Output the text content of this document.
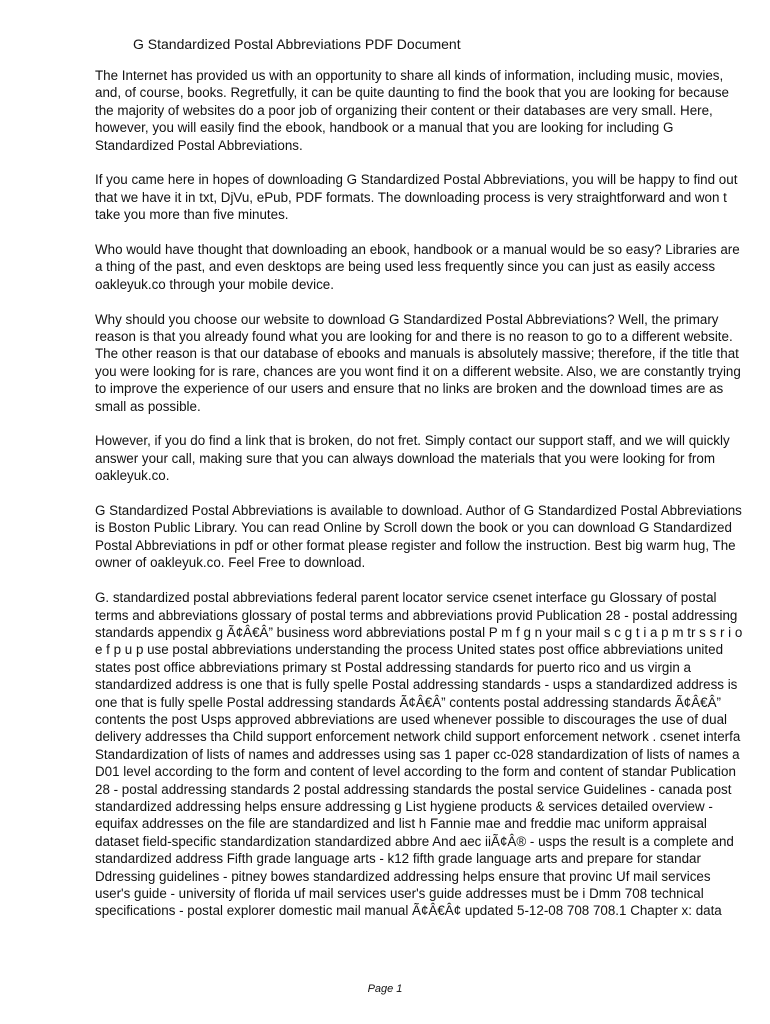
G Standardized Postal Abbreviations PDF Document

The Internet has provided us with an opportunity to share all kinds of information, including music, movies, and, of course, books. Regretfully, it can be quite daunting to find the book that you are looking for because the majority of websites do a poor job of organizing their content or their databases are very small. Here, however, you will easily find the ebook, handbook or a manual that you are looking for including G Standardized Postal Abbreviations.

If you came here in hopes of downloading G Standardized Postal Abbreviations, you will be happy to find out that we have it in txt, DjVu, ePub, PDF formats. The downloading process is very straightforward and won t take you more than five minutes.

Who would have thought that downloading an ebook, handbook or a manual would be so easy? Libraries are a thing of the past, and even desktops are being used less frequently since you can just as easily access oakleyuk.co through your mobile device.

Why should you choose our website to download G Standardized Postal Abbreviations? Well, the primary reason is that you already found what you are looking for and there is no reason to go to a different website. The other reason is that our database of ebooks and manuals is absolutely massive; therefore, if the title that you were looking for is rare, chances are you wont find it on a different website. Also, we are constantly trying to improve the experience of our users and ensure that no links are broken and the download times are as small as possible.

However, if you do find a link that is broken, do not fret. Simply contact our support staff, and we will quickly answer your call, making sure that you can always download the materials that you were looking for from oakleyuk.co.

G Standardized Postal Abbreviations is available to download. Author of G Standardized Postal Abbreviations is Boston Public Library. You can read Online by Scroll down the book or you can download G Standardized Postal Abbreviations in pdf or other format please register and follow the instruction. Best big warm hug, The owner of oakleyuk.co. Feel Free to download.

G. standardized postal abbreviations federal parent locator service csenet interface gu Glossary of postal terms and abbreviations glossary of postal terms and abbreviations provid Publication 28 - postal addressing standards appendix g Ã¢Â€Â” business word abbreviations postal P m f g n your mail s c g t i a p m tr s s r i o e f p u p use postal abbreviations understanding the process United states post office abbreviations united states post office abbreviations primary st Postal addressing standards for puerto rico and us virgin a standardized address is one that is fully spelle Postal addressing standards - usps a standardized address is one that is fully spelle Postal addressing standards Ã¢Â€Â” contents postal addressing standards Ã¢Â€Â” contents the post Usps approved abbreviations are used whenever possible to discourages the use of dual delivery addresses tha Child support enforcement network child support enforcement network . csenet interfa Standardization of lists of names and addresses using sas 1 paper cc-028 standardization of lists of names a D01 level according to the form and content of level according to the form and content of standar Publication 28 - postal addressing standards 2 postal addressing standards the postal service Guidelines - canada post standardized addressing helps ensure addressing g List hygiene products & services detailed overview - equifax addresses on the file are standardized and list h Fannie mae and freddie mac uniform appraisal dataset field-specific standardization standardized abbre And aec iiÃ¢Â® - usps the result is a complete and standardized address Fifth grade language arts - k12 fifth grade language arts and prepare for standar Ddressing guidelines - pitney bowes standardized addressing helps ensure that provinc Uf mail services user's guide - university of florida uf mail services user's guide addresses must be i Dmm 708 technical specifications - postal explorer domestic mail manual Ã¢Â€Â¢ updated 5-12-08 708 708.1 Chapter x: data

Page 1
